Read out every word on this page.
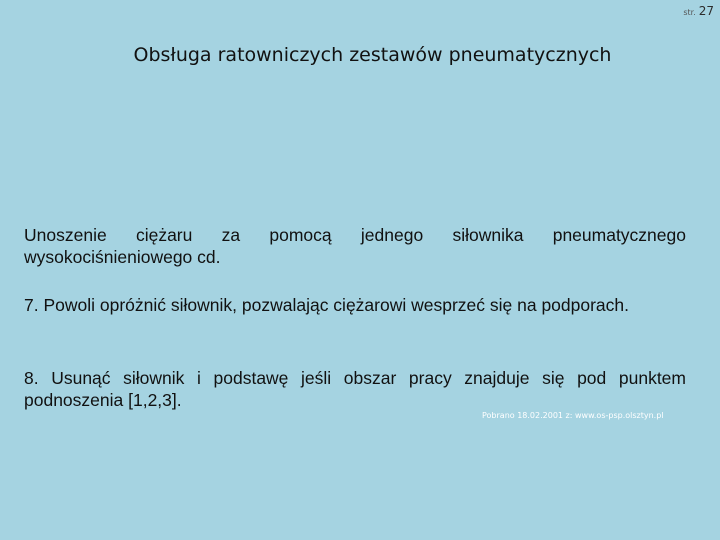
str. 27
Obsługa ratowniczych zestawów pneumatycznych
Unoszenie ciężaru za pomocą jednego siłownika pneumatycznego wysokociśnieniowego cd.
7. Powoli opróżnić siłownik, pozwalając ciężarowi wesprzeć się na podporach.
8. Usunąć siłownik i podstawę jeśli obszar pracy znajduje się pod punktem podnoszenia [1,2,3].
Pobrano 18.02.2001 z: www.os-psp.olsztyn.pl
